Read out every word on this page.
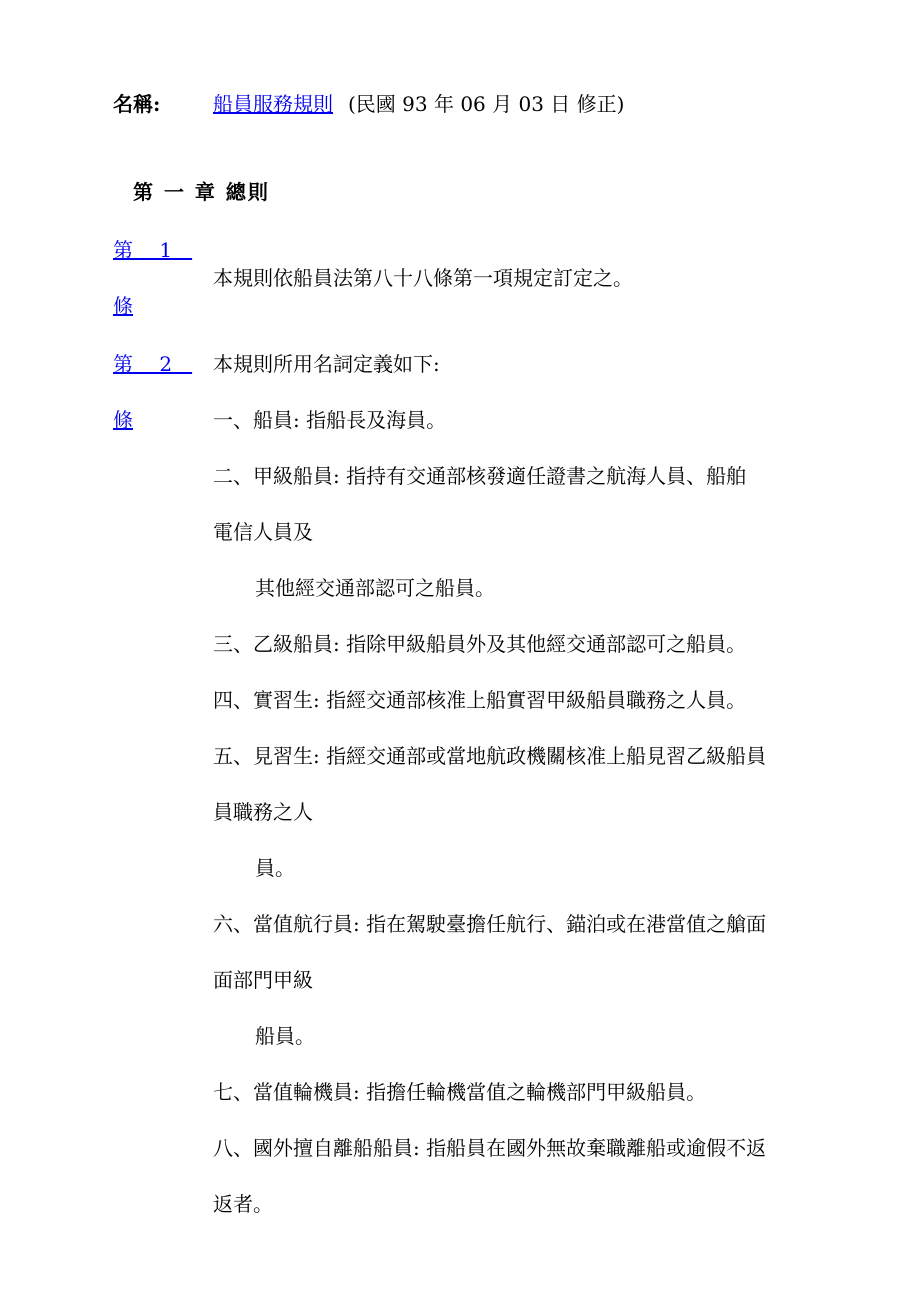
名稱:	船員服務規則 (民國 93 年 06 月 03 日 修正)
第 一 章 總則
第　 1　
條
本規則依船員法第八十八條第一項規定訂定之。
第　 2　
條
本規則所用名詞定義如下:
一、船員: 指船長及海員。
二、甲級船員: 指持有交通部核發適任證書之航海人員、船舶
電信人員及
其他經交通部認可之船員。
三、乙級船員: 指除甲級船員外及其他經交通部認可之船員。
四、實習生: 指經交通部核准上船實習甲級船員職務之人員。
五、見習生: 指經交通部或當地航政機關核准上船見習乙級船員
員職務之人
員。
六、當值航行員: 指在駕駛臺擔任航行、錨泊或在港當值之艙面
面部門甲級
船員。
七、當值輪機員: 指擔任輪機當值之輪機部門甲級船員。
八、國外擅自離船船員: 指船員在國外無故棄職離船或逾假不返
返者。
